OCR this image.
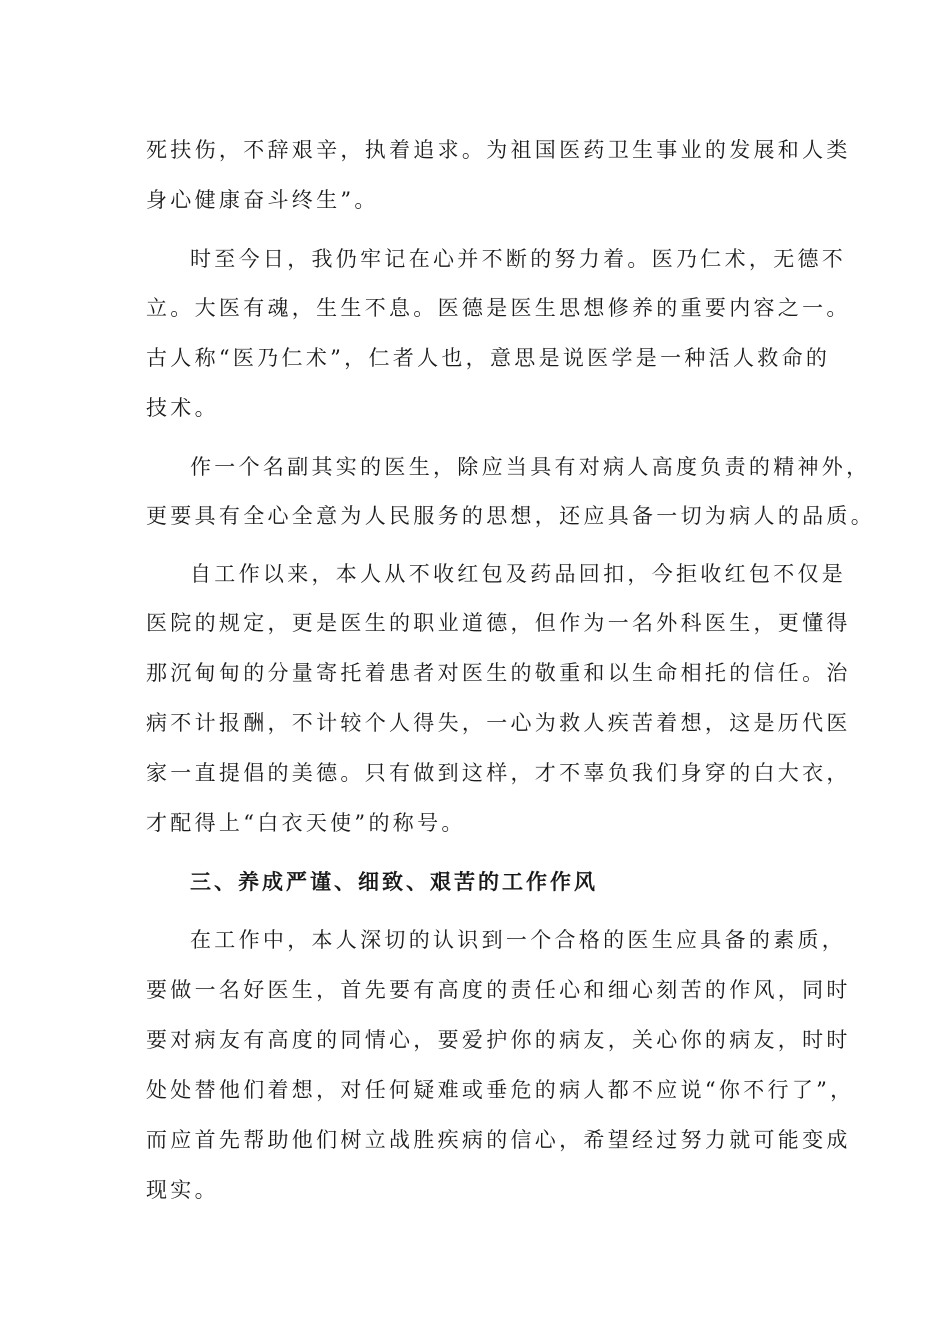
死扶伤，不辞艰辛，执着追求。为祖国医药卫生事业的发展和人类
身心健康奋斗终生”。
时至今日，我仍牢记在心并不断的努力着。医乃仁术，无德不
立。大医有魂，生生不息。医德是医生思想修养的重要内容之一。
古人称“医乃仁术”，仁者人也，意思是说医学是一种活人救命的
技术。
作一个名副其实的医生，除应当具有对病人高度负责的精神外，
更要具有全心全意为人民服务的思想，还应具备一切为病人的品质。
自工作以来，本人从不收红包及药品回扣，今拒收红包不仅是
医院的规定，更是医生的职业道德，但作为一名外科医生，更懂得
那沉甸甸的分量寄托着患者对医生的敬重和以生命相托的信任。治
病不计报酬，不计较个人得失，一心为救人疾苦着想，这是历代医
家一直提倡的美德。只有做到这样，才不辜负我们身穿的白大衣，
才配得上“白衣天使”的称号。
三、养成严谨、细致、艰苦的工作作风
在工作中，本人深切的认识到一个合格的医生应具备的素质，
要做一名好医生，首先要有高度的责任心和细心刻苦的作风，同时
要对病友有高度的同情心，要爱护你的病友，关心你的病友，时时
处处替他们着想，对任何疑难或垂危的病人都不应说“你不行了”，
而应首先帮助他们树立战胜疾病的信心，希望经过努力就可能变成
现实。
